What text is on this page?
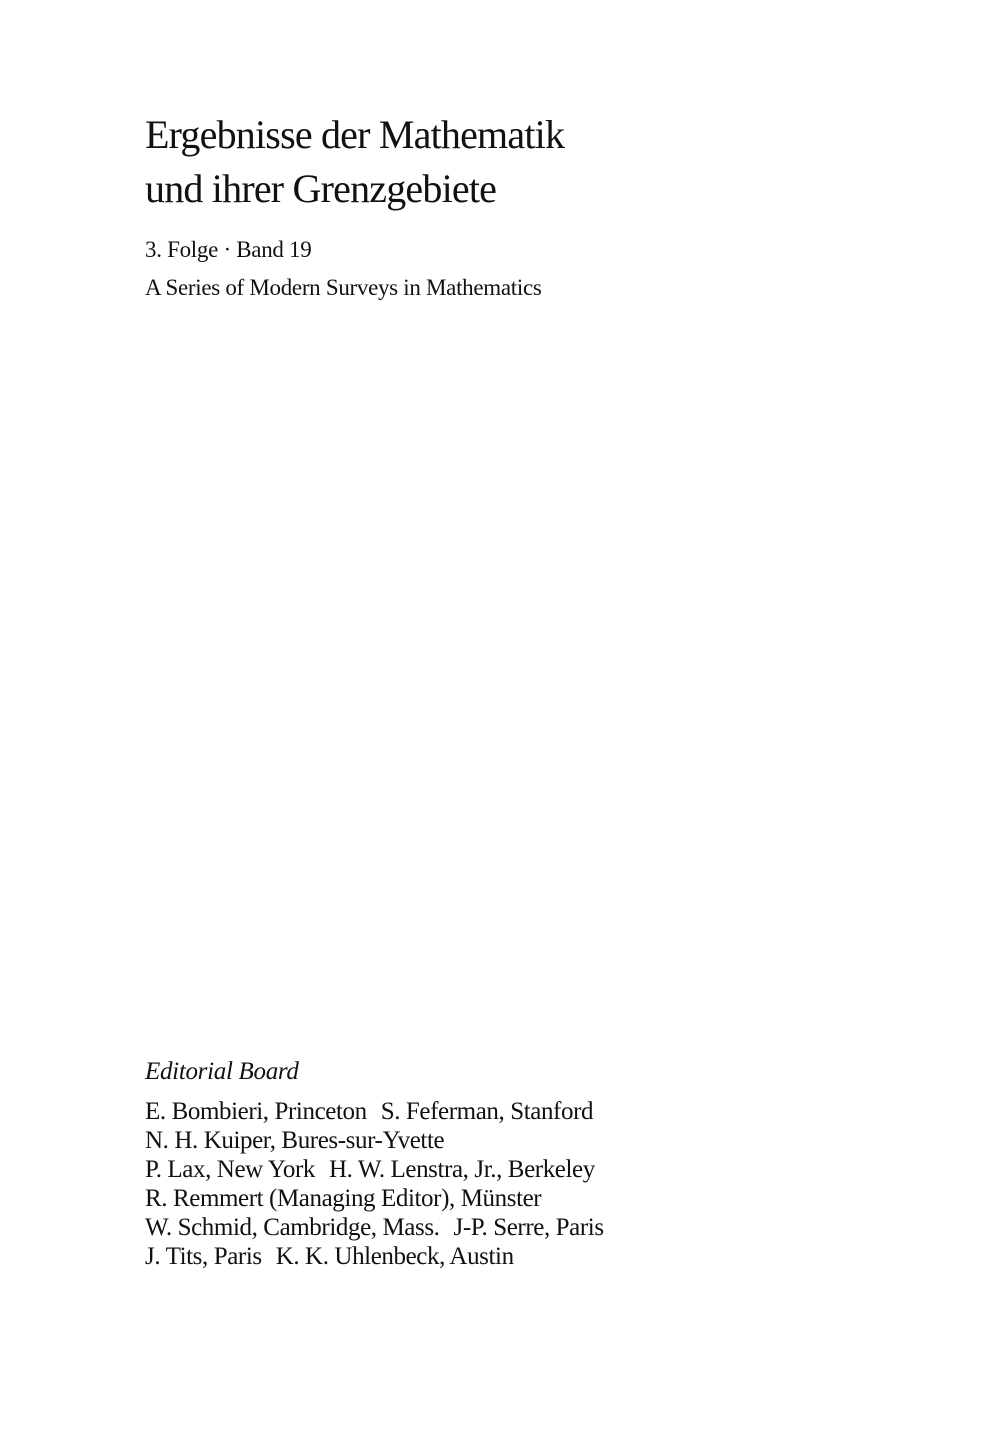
Ergebnisse der Mathematik
und ihrer Grenzgebiete
3. Folge · Band 19
A Series of Modern Surveys in Mathematics
Editorial Board
E. Bombieri, Princeton S. Feferman, Stanford
N. H. Kuiper, Bures-sur-Yvette
P. Lax, New York H. W. Lenstra, Jr., Berkeley
R. Remmert (Managing Editor), Münster
W. Schmid, Cambridge, Mass. J-P. Serre, Paris
J. Tits, Paris K. K. Uhlenbeck, Austin
